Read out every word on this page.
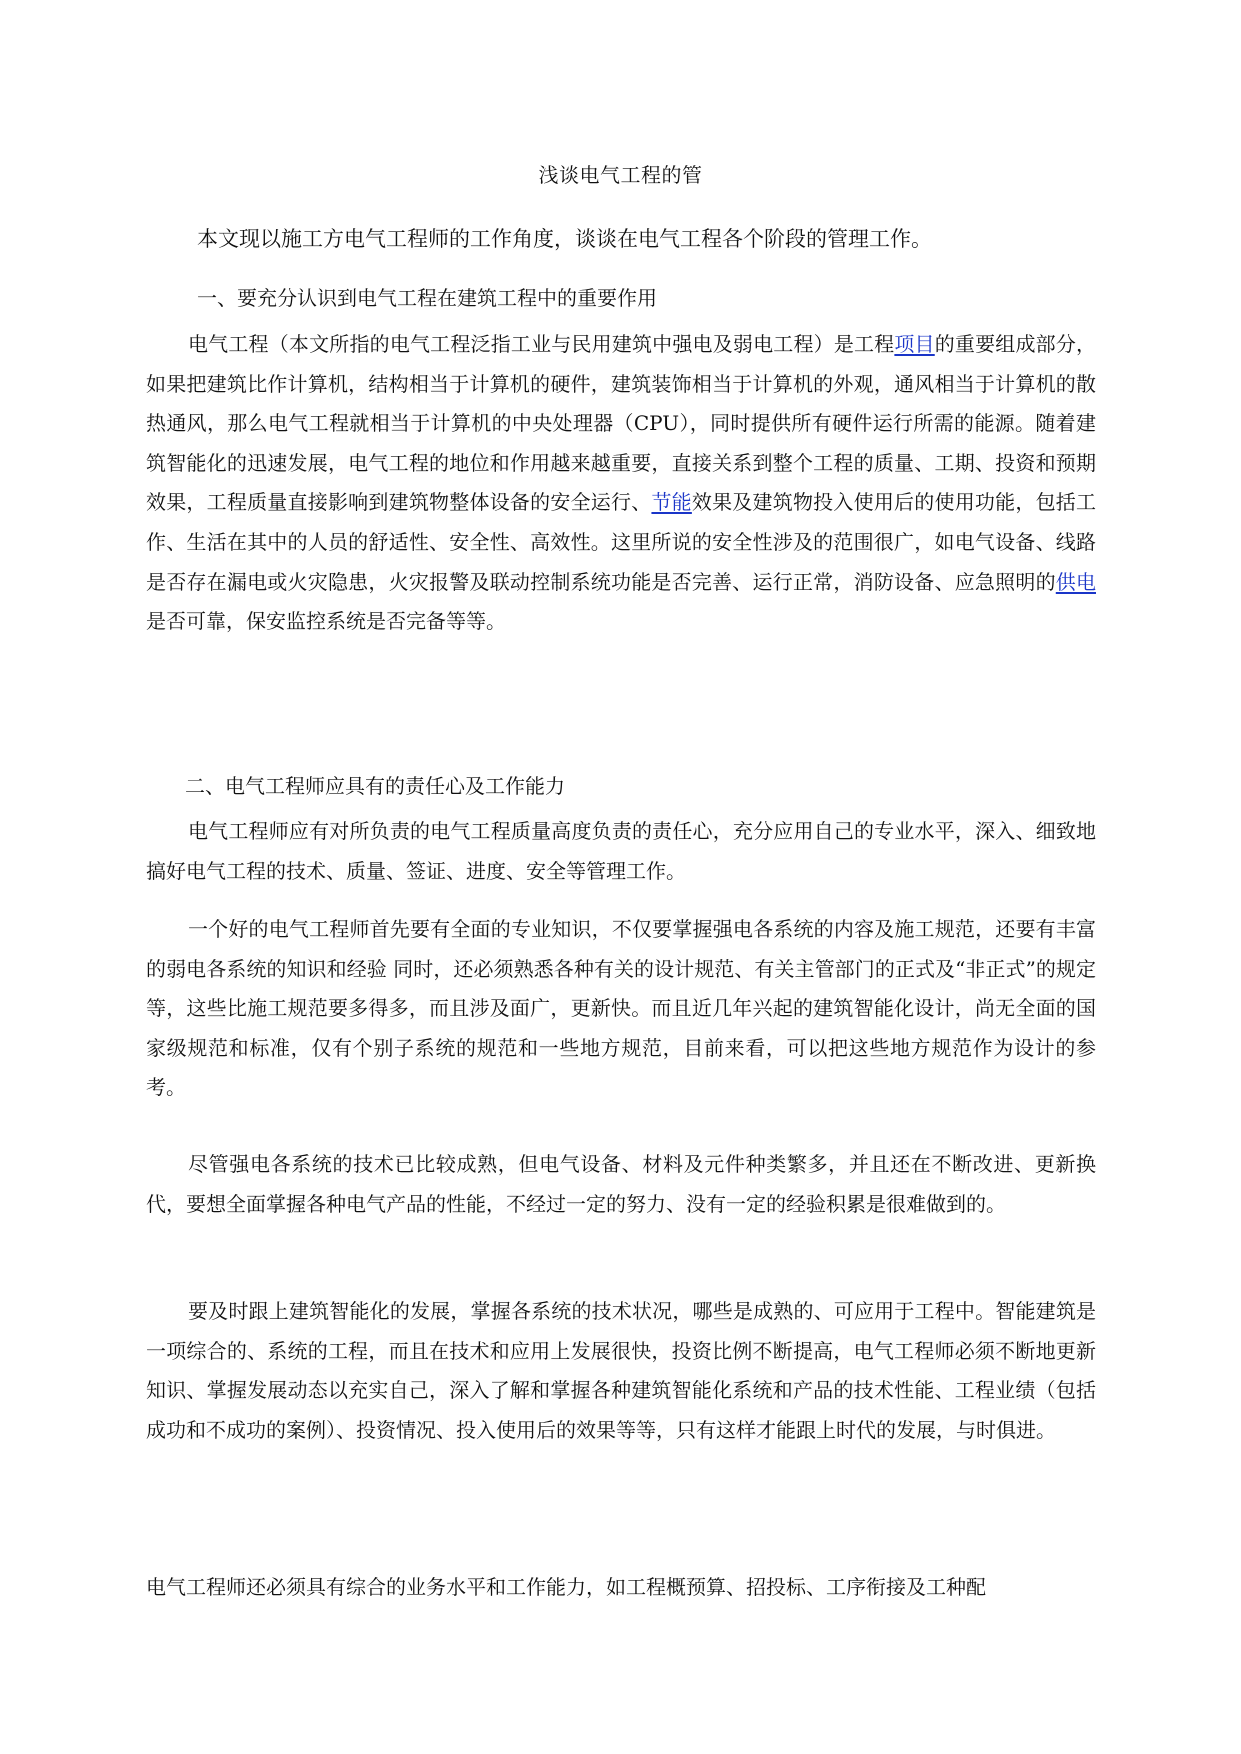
浅谈电气工程的管
本文现以施工方电气工程师的工作角度，谈谈在电气工程各个阶段的管理工作。
一、要充分认识到电气工程在建筑工程中的重要作用

电气工程（本文所指的电气工程泛指工业与民用建筑中强电及弱电工程）是工程项目的重要组成部分，如果把建筑比作计算机，结构相当于计算机的硬件，建筑装饰相当于计算机的外观，通风相当于计算机的散热通风，那么电气工程就相当于计算机的中央处理器（CPU），同时提供所有硬件运行所需的能源。随着建筑智能化的迅速发展，电气工程的地位和作用越来越重要，直接关系到整个工程的质量、工期、投资和预期效果，工程质量直接影响到建筑物整体设备的安全运行、节能效果及建筑物投入使用后的使用功能，包括工作、生活在其中的人员的舒适性、安全性、高效性。这里所说的安全性涉及的范围很广，如电气设备、线路是否存在漏电或火灾隐患，火灾报警及联动控制系统功能是否完善、运行正常，消防设备、应急照明的供电是否可靠，保安监控系统是否完备等等。

二、电气工程师应具有的责任心及工作能力

电气工程师应有对所负责的电气工程质量高度负责的责任心，充分应用自己的专业水平，深入、细致地搞好电气工程的技术、质量、签证、进度、安全等管理工作。

一个好的电气工程师首先要有全面的专业知识，不仅要掌握强电各系统的内容及施工规范，还要有丰富的弱电各系统的知识和经验 同时，还必须熟悉各种有关的设计规范、有关主管部门的正式及“非正式”的规定等，这些比施工规范要多得多，而且涉及面广，更新快。而且近几年兴起的建筑智能化设计，尚无全面的国家级规范和标准，仅有个别子系统的规范和一些地方规范，目前来看，可以把这些地方规范作为设计的参考。

尽管强电各系统的技术已比较成熟，但电气设备、材料及元件种类繁多，并且还在不断改进、更新换代，要想全面掌握各种电气产品的性能，不经过一定的努力、没有一定的经验积累是很难做到的。

要及时跟上建筑智能化的发展，掌握各系统的技术状况，哪些是成熟的、可应用于工程中。智能建筑是一项综合的、系统的工程，而且在技术和应用上发展很快，投资比例不断提高，电气工程师必须不断地更新知识、掌握发展动态以充实自己，深入了解和掌握各种建筑智能化系统和产品的技术性能、工程业绩（包括成功和不成功的案例）、投资情况、投入使用后的效果等等，只有这样才能跟上时代的发展，与时俱进。

电气工程师还必须具有综合的业务水平和工作能力，如工程概预算、招投标、工序衔接及工种配
